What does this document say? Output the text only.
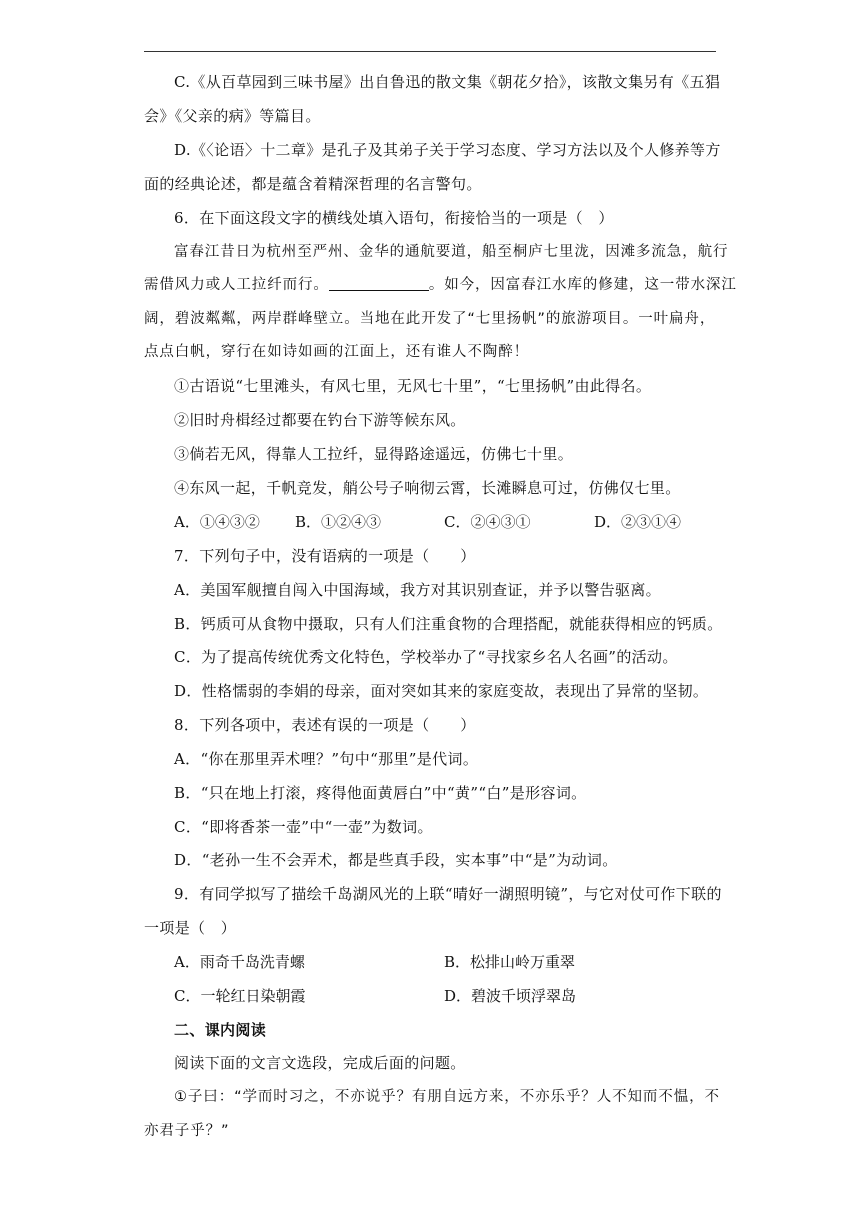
C.《从百草园到三味书屋》出自鲁迅的散文集《朝花夕拾》，该散文集另有《五猖
会》《父亲的病》等篇目。
D.《〈论语〉十二章》是孔子及其弟子关于学习态度、学习方法以及个人修养等方
面的经典论述，都是蕴含着精深哲理的名言警句。
6．在下面这段文字的横线处填入语句，衔接恰当的一项是（　）
富春江昔日为杭州至严州、金华的通航要道，船至桐庐七里泷，因滩多流急，航行
需借风力或人工拉纤而行。	。如今，因富春江水库的修建，这一带水深江
阔，碧波粼粼，两岸群峰壁立。当地在此开发了“七里扬帆”的旅游项目。一叶扁舟，
点点白帆，穿行在如诗如画的江面上，还有谁人不陶醉！
①古语说“七里滩头，有风七里，无风七十里”，“七里扬帆”由此得名。
②旧时舟楫经过都要在钓台下游等候东风。
③倘若无风，得靠人工拉纤，显得路途遥远，仿佛七十里。
④东风一起，千帆竞发，艄公号子响彻云霄，长滩瞬息可过，仿佛仅七里。
A．①④③② B．①②④③	C．②④③①	D．②③①④
7．下列句子中，没有语病的一项是（　　）
A．美国军舰擅自闯入中国海域，我方对其识别查证，并予以警告驱离。
B．钙质可从食物中摄取，只有人们注重食物的合理搭配，就能获得相应的钙质。
C．为了提高传统优秀文化特色，学校举办了“寻找家乡名人名画”的活动。
D．性格懦弱的李娟的母亲，面对突如其来的家庭变故，表现出了异常的坚韧。
8．下列各项中，表述有误的一项是（　　）
A．“你在那里弄术哩？”句中“那里”是代词。
B．“只在地上打滚，疼得他面黄唇白”中“黄”“白”是形容词。
C．“即将香茶一壶”中“一壶”为数词。
D．“老孙一生不会弄术，都是些真手段，实本事”中“是”为动词。
9．有同学拟写了描绘千岛湖风光的上联“晴好一湖照明镜”，与它对仗可作下联的
一项是（　）
A．雨奇千岛洗青螺	B．松排山岭万重翠
C．一轮红日染朝霞	D．碧波千顷浮翠岛
二、课内阅读
阅读下面的文言文选段，完成后面的问题。
①子曰：“学而时习之，不亦说乎？有朋自远方来，不亦乐乎？人不知而不愠，不
亦君子乎？”
